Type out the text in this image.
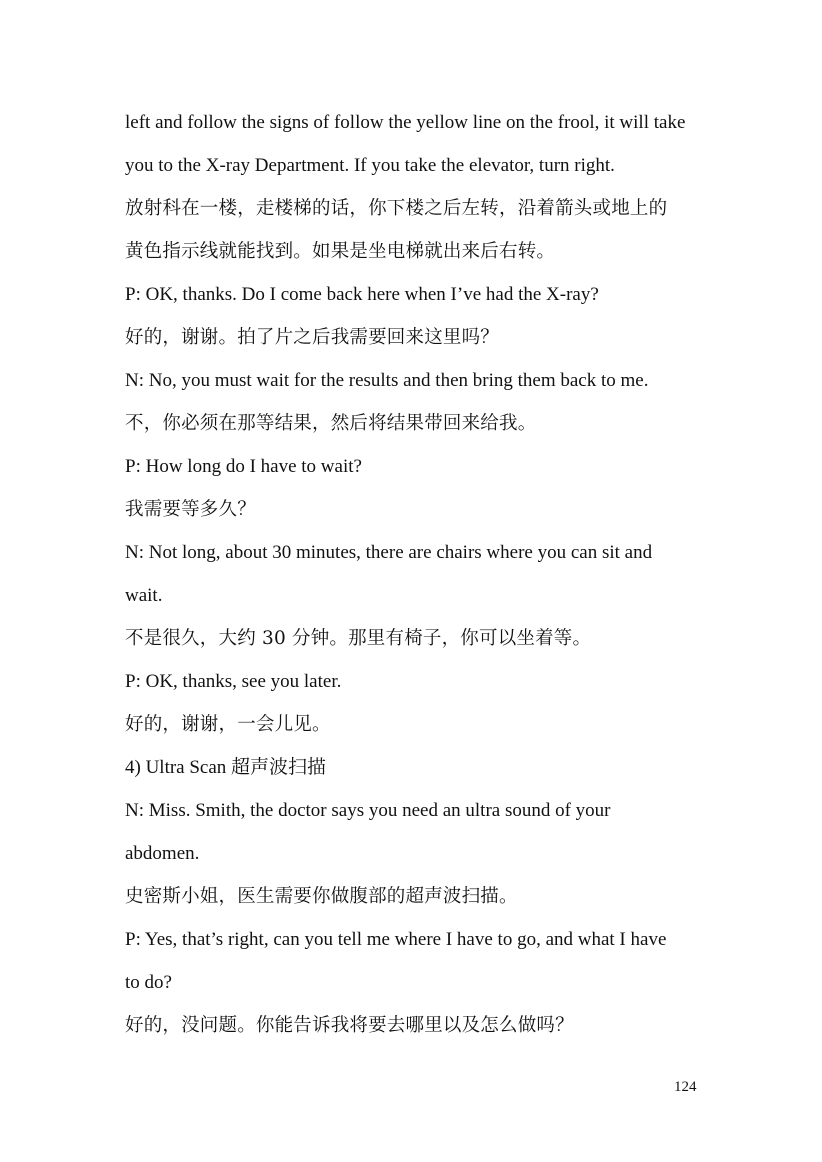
left and follow the signs of follow the yellow line on the frool, it will take

you to the X-ray Department. If you take the elevator, turn right.

放射科在一楼，走楼梯的话，你下楼之后左转，沿着箭头或地上的

黄色指示线就能找到。如果是坐电梯就出来后右转。

P: OK, thanks. Do I come back here when I’ve had the X-ray?

好的，谢谢。拍了片之后我需要回来这里吗？

N: No, you must wait for the results and then bring them back to me.

不，你必须在那等结果，然后将结果带回来给我。

P: How long do I have to wait?

我需要等多久？

N: Not long, about 30 minutes, there are chairs where you can sit and

wait.

不是很久，大约 30 分钟。那里有椅子，你可以坐着等。

P: OK, thanks, see you later.

好的，谢谢，一会儿见。

4) Ultra Scan 超声波扫描

N: Miss. Smith, the doctor says you need an ultra sound of your

abdomen.

史密斯小姐，医生需要你做腹部的超声波扫描。

P: Yes, that’s right, can you tell me where I have to go, and what I have

to do?

好的，没问题。你能告诉我将要去哪里以及怎么做吗？

124
